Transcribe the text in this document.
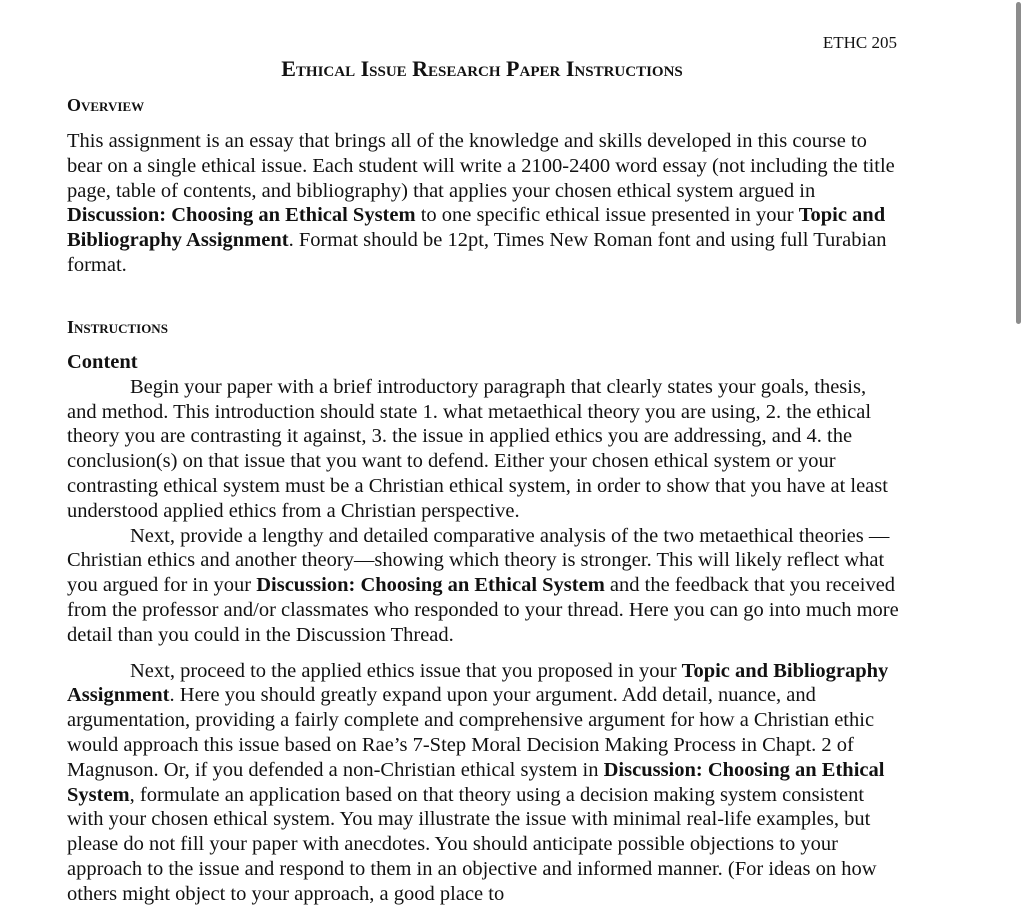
ETHC 205
Ethical Issue Research Paper Instructions
Overview

This assignment is an essay that brings all of the knowledge and skills developed in this course to bear on a single ethical issue. Each student will write a 2100-2400 word essay (not including the title page, table of contents, and bibliography) that applies your chosen ethical system argued in Discussion: Choosing an Ethical System to one specific ethical issue presented in your Topic and Bibliography Assignment. Format should be 12pt, Times New Roman font and using full Turabian format.

Instructions

Content

Begin your paper with a brief introductory paragraph that clearly states your goals, thesis, and method. This introduction should state 1. what metaethical theory you are using, 2. the ethical theory you are contrasting it against, 3. the issue in applied ethics you are addressing, and 4. the conclusion(s) on that issue that you want to defend. Either your chosen ethical system or your contrasting ethical system must be a Christian ethical system, in order to show that you have at least understood applied ethics from a Christian perspective.

Next, provide a lengthy and detailed comparative analysis of the two metaethical theories —Christian ethics and another theory—showing which theory is stronger. This will likely reflect what you argued for in your Discussion: Choosing an Ethical System and the feedback that you received from the professor and/or classmates who responded to your thread. Here you can go into much more detail than you could in the Discussion Thread.

Next, proceed to the applied ethics issue that you proposed in your Topic and Bibliography Assignment. Here you should greatly expand upon your argument. Add detail, nuance, and argumentation, providing a fairly complete and comprehensive argument for how a Christian ethic would approach this issue based on Rae’s 7-Step Moral Decision Making Process in Chapt. 2 of Magnuson. Or, if you defended a non-Christian ethical system in Discussion: Choosing an Ethical System, formulate an application based on that theory using a decision making system consistent with your chosen ethical system. You may illustrate the issue with minimal real-life examples, but please do not fill your paper with anecdotes. You should anticipate possible objections to your approach to the issue and respond to them in an objective and informed manner. (For ideas on how others might object to your approach, a good place to
